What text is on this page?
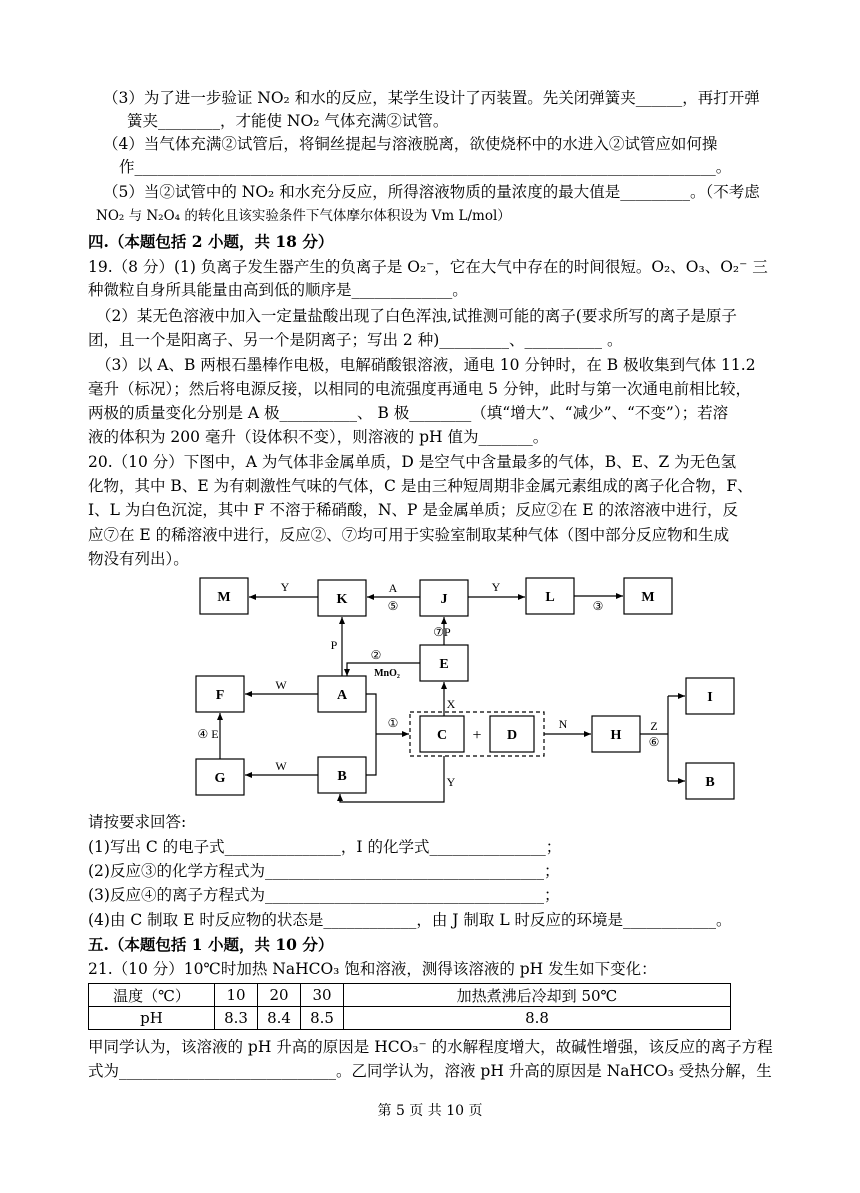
（3）为了进一步验证 NO₂ 和水的反应，某学生设计了丙装置。先关闭弹簧夹______，再打开弹
簧夹________，才能使 NO₂ 气体充满②试管。
（4）当气体充满②试管后，将铜丝提起与溶液脱离，欲使烧杯中的水进入②试管应如何操
作___________________________________________________________________________。
（5）当②试管中的 NO₂ 和水充分反应，所得溶液物质的量浓度的最大值是_________。（不考虑
NO₂ 与 N₂O₄ 的转化且该实验条件下气体摩尔体积设为 Vm L/mol）
四.（本题包括 2 小题，共 18 分）
19.（8 分）(1) 负离子发生器产生的负离子是 O₂⁻，它在大气中存在的时间很短。O₂、O₃、O₂⁻ 三
种微粒自身所具能量由高到低的顺序是_____________。
（2）某无色溶液中加入一定量盐酸出现了白色浑浊,试推测可能的离子(要求所写的离子是原子
团，且一个是阳离子、另一个是阴离子；写出 2 种)_________、__________ 。
（3）以 A、B 两根石墨棒作电极，电解硝酸银溶液，通电 10 分钟时，在 B 极收集到气体 11.2
毫升（标况）；然后将电源反接，以相同的电流强度再通电 5 分钟，此时与第一次通电前相比较，
两极的质量变化分别是 A 极__________、 B 极________（填“增大”、“减少”、“不变”）；若溶
液的体积为 200 毫升（设体积不变），则溶液的 pH 值为_______。
20.（10 分）下图中，A 为气体非金属单质，D 是空气中含量最多的气体，B、E、Z 为无色氢
化物，其中 B、E 为有刺激性气味的气体，C 是由三种短周期非金属元素组成的离子化合物，F、
I、L 为白色沉淀，其中 F 不溶于稀硝酸，N、P 是金属单质；反应②在 E 的浓溶液中进行，反
应⑦在 E 的稀溶液中进行，反应②、⑦均可用于实验室制取某种气体（图中部分反应物和生成
物没有列出）。
M	K	J	L	M
E
F	A
C	D	H
I
G	B	B
+
Y	A
⑤
Y
③
⑦P
P
②
MnO₂
W
X
①	N	Z
⑥
④ E
W
Y
请按要求回答:
(1)写出 C 的电子式_______________，I 的化学式_______________；
(2)反应③的化学方程式为____________________________________；
(3)反应④的离子方程式为____________________________________；
(4)由 C 制取 E 时反应物的状态是____________，由 J 制取 L 时反应的环境是____________。
五.（本题包括 1 小题，共 10 分）
21.（10 分）10℃时加热 NaHCO₃ 饱和溶液，测得该溶液的 pH 发生如下变化：
温度（℃）	10	20	30	加热煮沸后冷却到 50℃
pH	8.3	8.4	8.5	8.8
甲同学认为，该溶液的 pH 升高的原因是 HCO₃⁻ 的水解程度增大，故碱性增强，该反应的离子方程
式为____________________________。乙同学认为，溶液 pH 升高的原因是 NaHCO₃ 受热分解，生
第 5 页 共 10 页
